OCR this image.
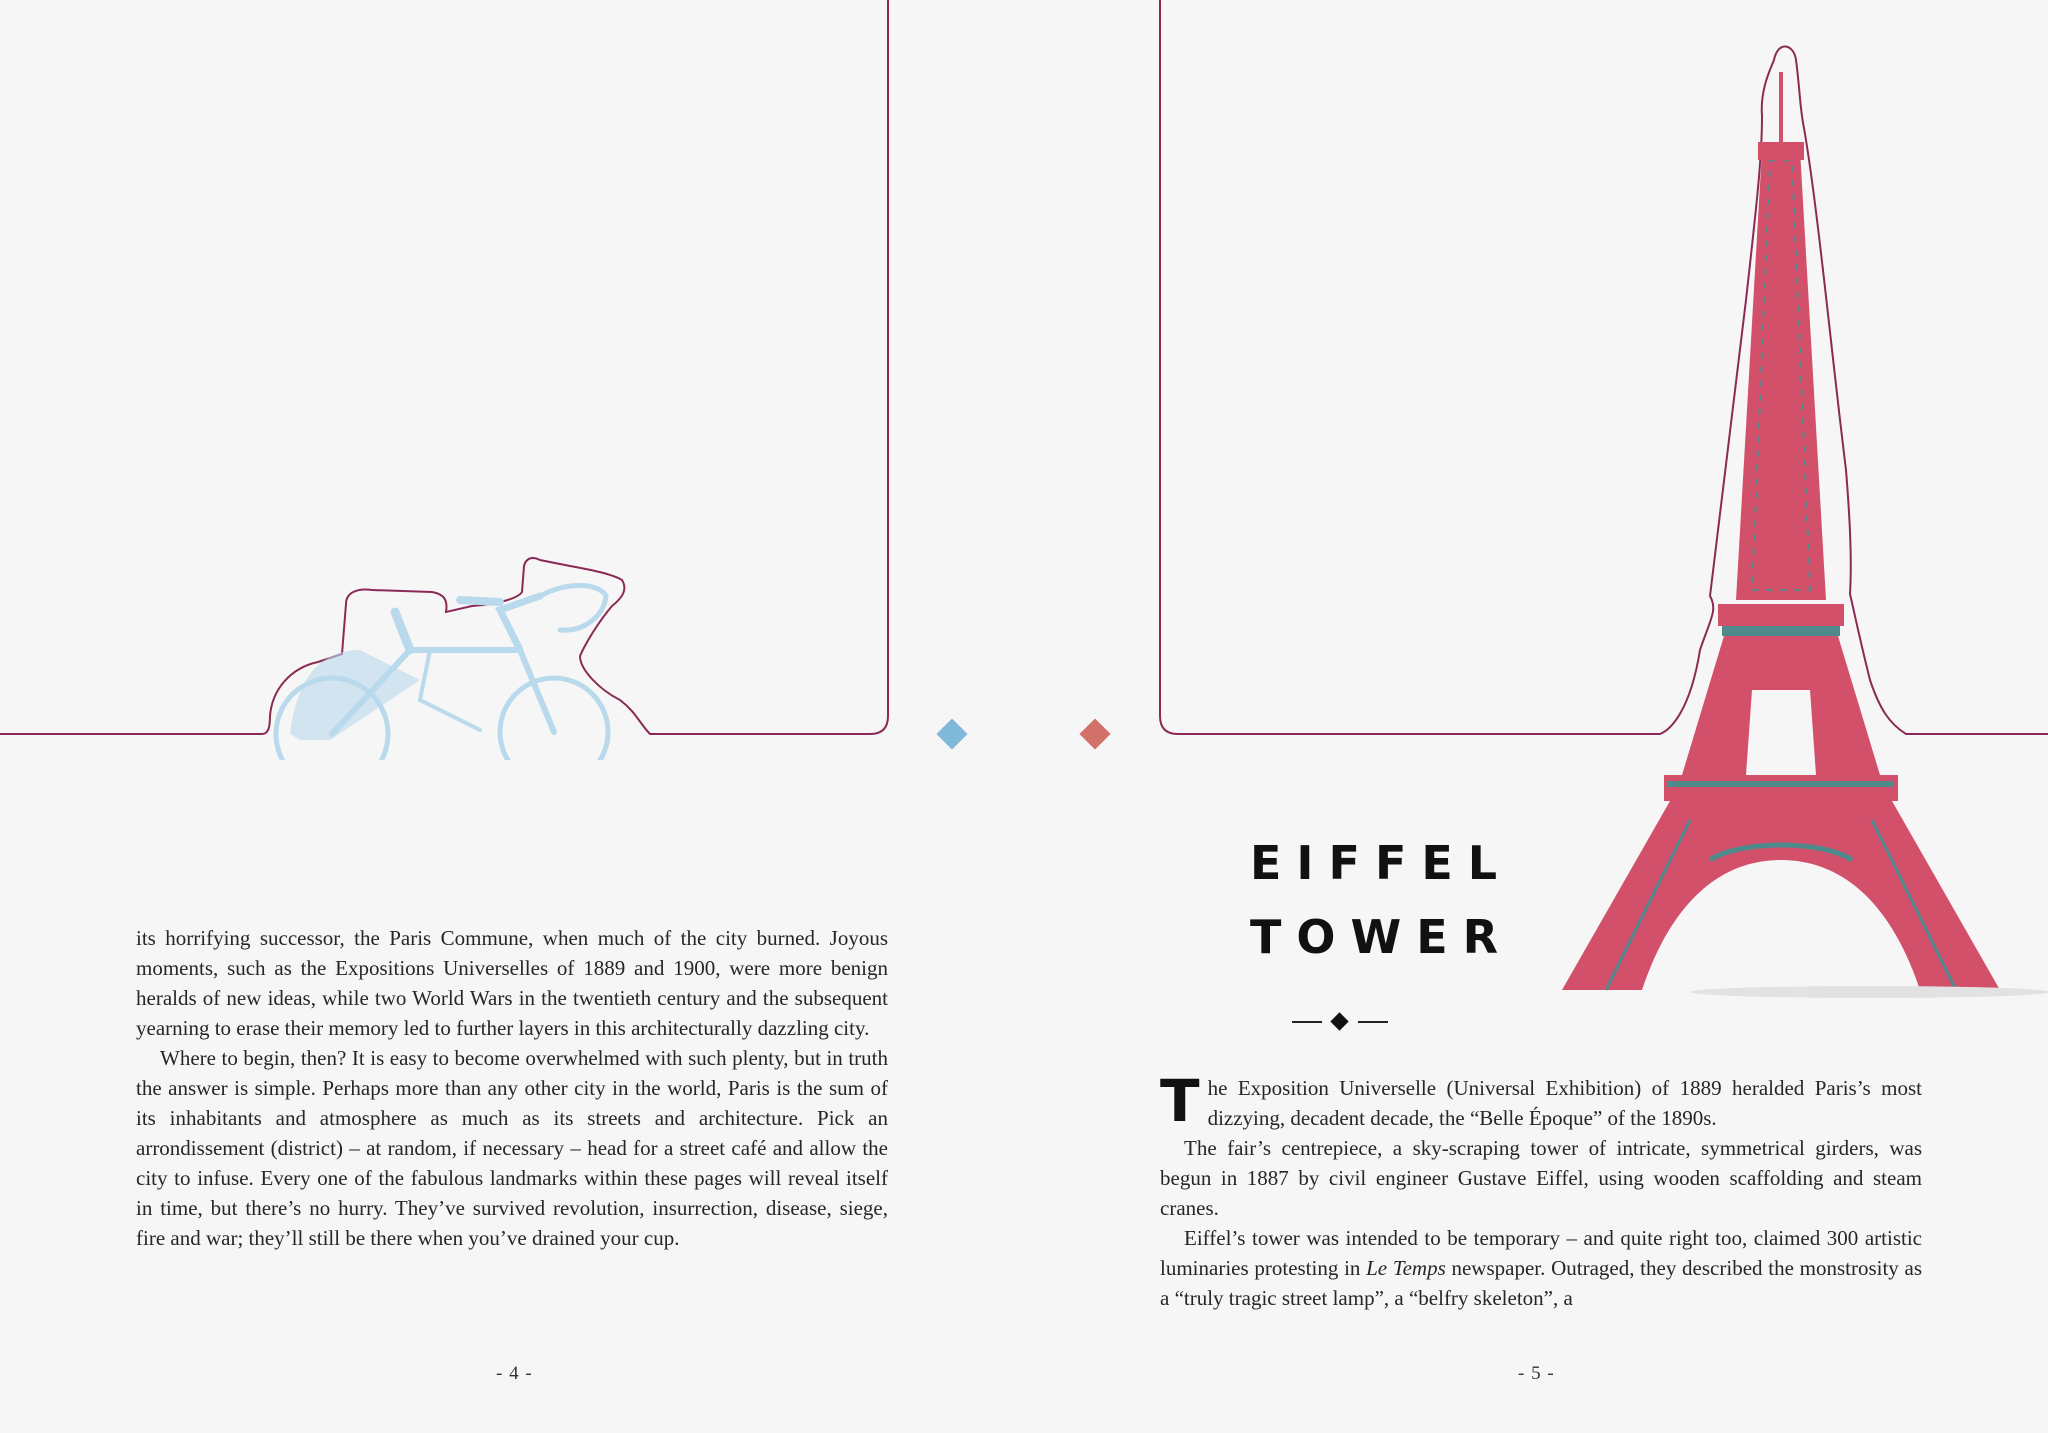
its horrifying successor, the Paris Commune, when much of the city burned. Joyous moments, such as the Expositions Universelles of 1889 and 1900, were more benign heralds of new ideas, while two World Wars in the twentieth century and the subsequent yearning to erase their memory led to further layers in this architecturally dazzling city.

Where to begin, then? It is easy to become overwhelmed with such plenty, but in truth the answer is simple. Perhaps more than any other city in the world, Paris is the sum of its inhabitants and atmosphere as much as its streets and architecture. Pick an arrondissement (district) – at random, if necessary – head for a street café and allow the city to infuse. Every one of the fabulous landmarks within these pages will reveal itself in time, but there’s no hurry. They’ve survived revolution, insurrection, disease, siege, fire and war; they’ll still be there when you’ve drained your cup.

- 4 -
EIFFEL
TOWER

The Exposition Universelle (Universal Exhibition) of 1889 heralded Paris’s most dizzying, decadent decade, the “Belle Époque” of the 1890s.

The fair’s centrepiece, a sky-scraping tower of intricate, symmetrical girders, was begun in 1887 by civil engineer Gustave Eiffel, using wooden scaffolding and steam cranes.

Eiffel’s tower was intended to be temporary – and quite right too, claimed 300 artistic luminaries protesting in Le Temps newspaper. Outraged, they described the monstrosity as a “truly tragic street lamp”, a “belfry skeleton”, a

- 5 -
